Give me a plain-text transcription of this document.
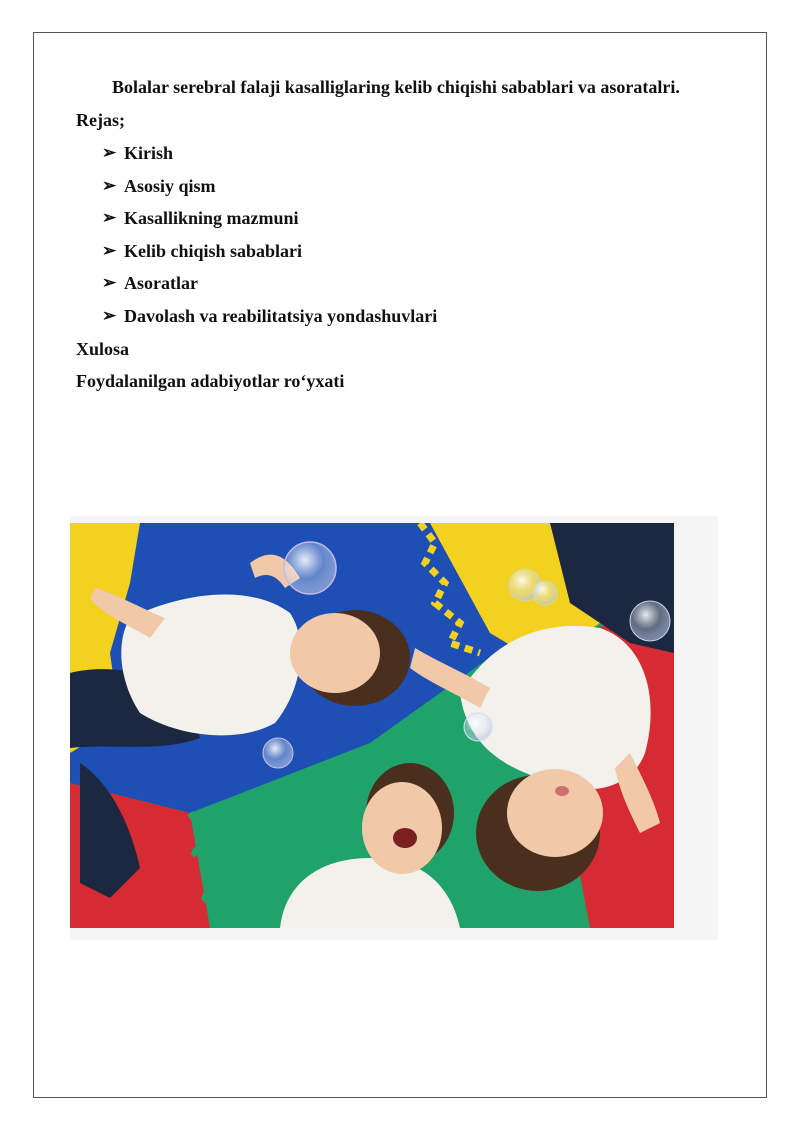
Bolalar serebral falaji kasalliglaring kelib chiqishi sabablari va asoratalri.
Rejas;
➢ Kirish
➢ Asosiy qism
➢ Kasallikning mazmuni
➢ Kelib chiqish sabablari
➢ Asoratlar
➢ Davolash va reabilitatsiya yondashuvlari
Xulosa
Foydalanilgan adabiyotlar ro‘yxati
